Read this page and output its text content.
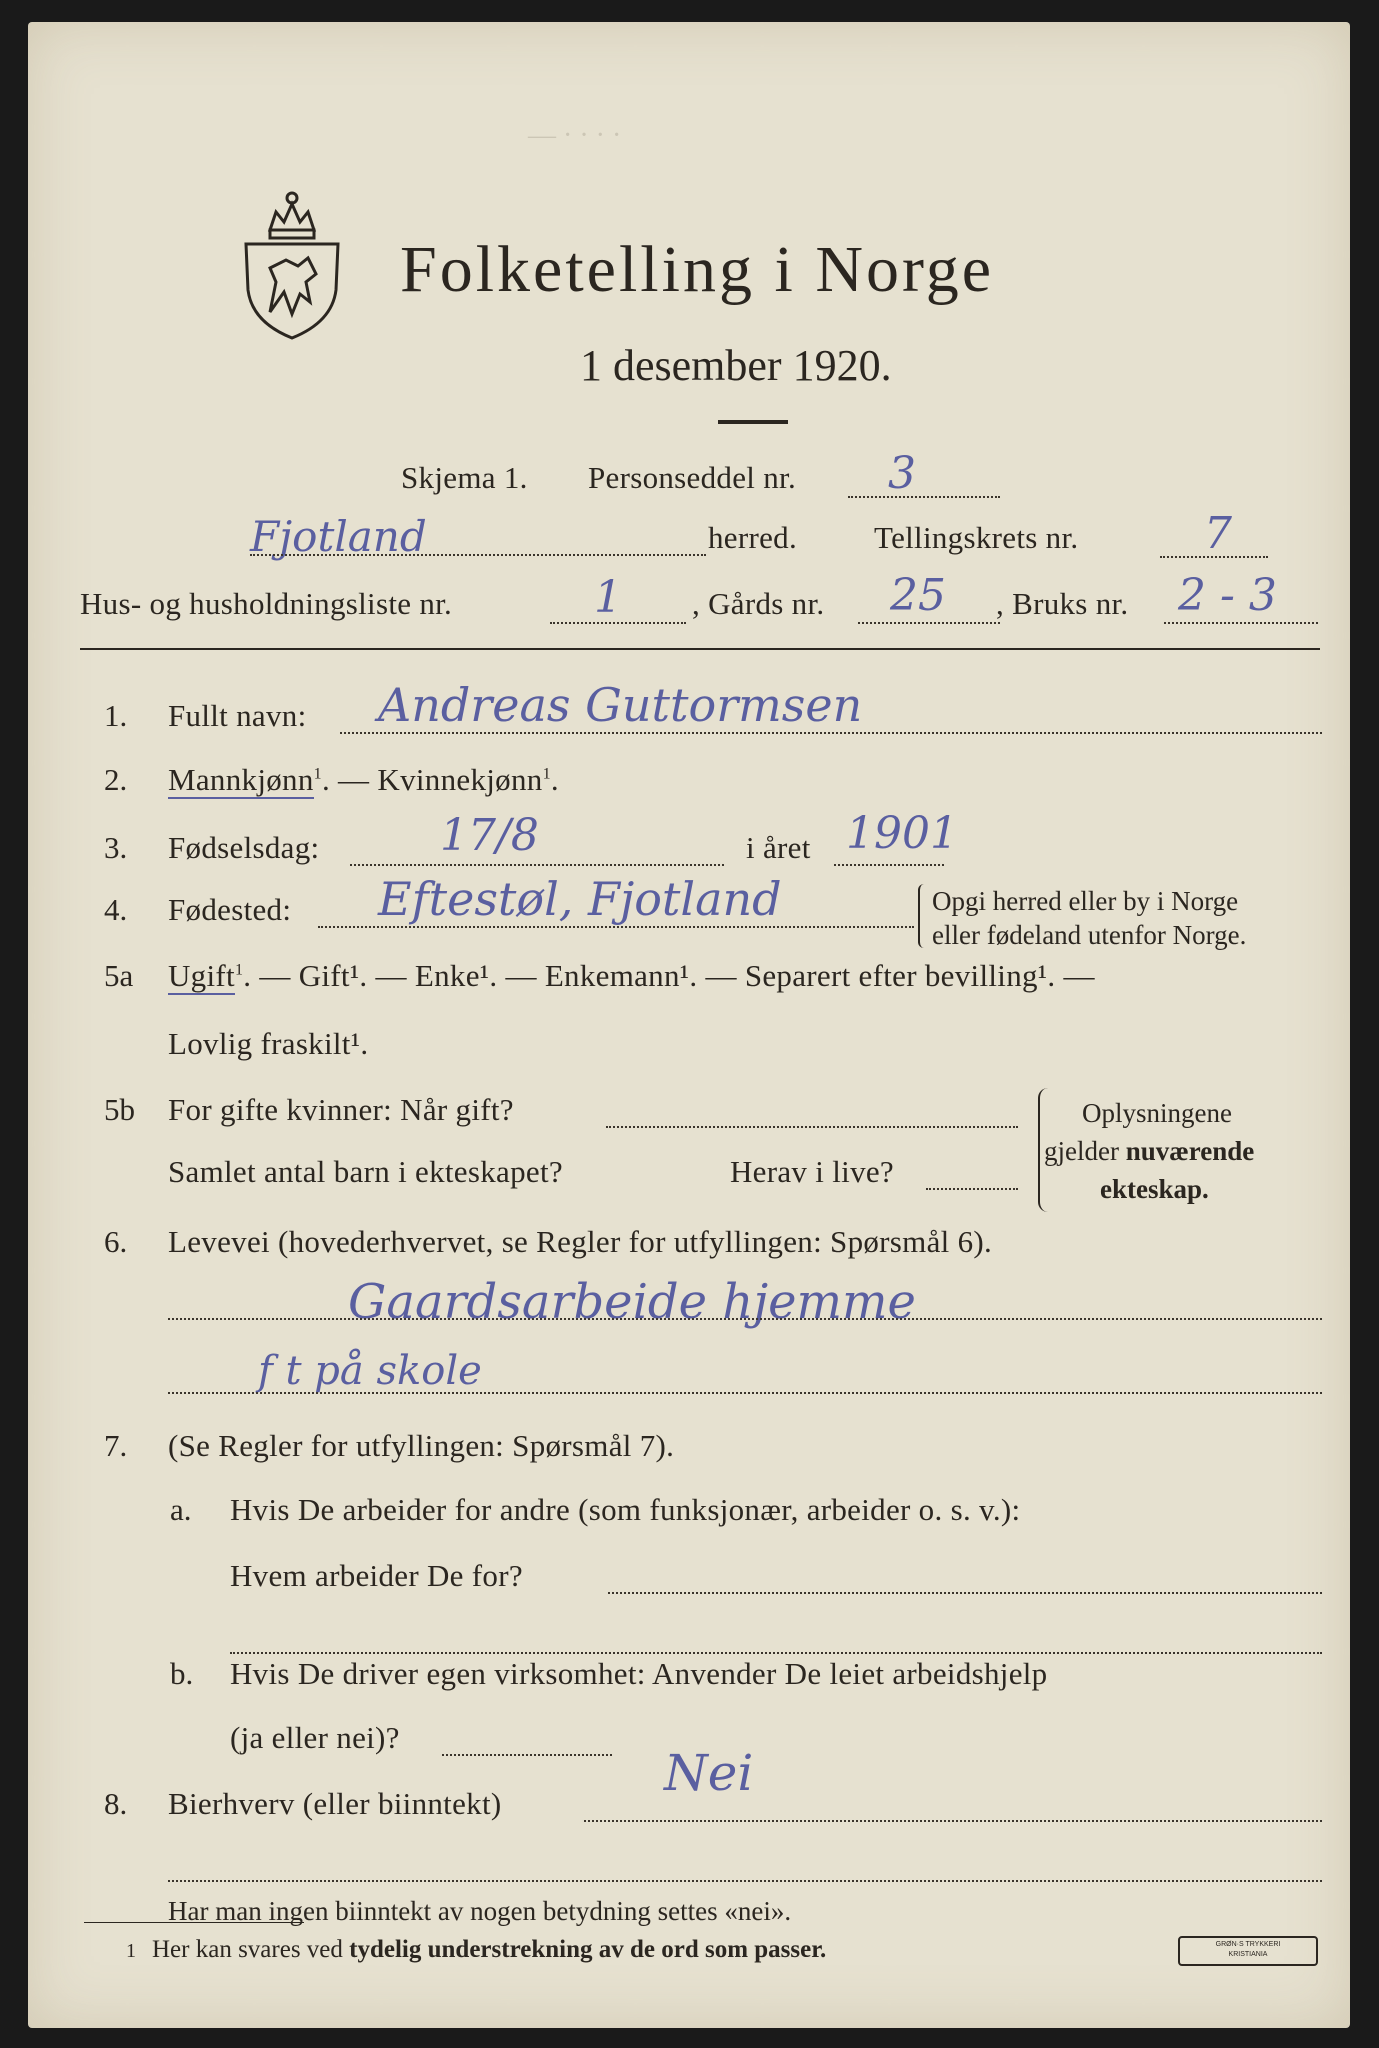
Folketelling i Norge
1 desember 1920.
— · · · ·
Skjema 1. Personseddel nr. 3
Fjotland	herred. Tellingskrets nr.	7
Hus- og husholdningsliste nr.	1 , Gårds nr. 25 , Bruks nr. 2 - 3
1. Fullt navn: Andreas Guttormsen
2. Mannkjønn$^1$. — Kvinnekjønn$^1$.
3. Fødselsdag:	17/8	i året 1901
4. Fødested: Eftestøl, Fjotland	Opgi herred eller by i Norge
eller fødeland utenfor Norge.
5a Ugift$^1$. — Gift¹. — Enke¹. — Enkemann¹. — Separert efter bevilling¹. —
Lovlig fraskilt¹.
5b For gifte kvinner: Når gift?
Samlet antal barn i ekteskapet?	Herav i live?
Oplysningene
gjelder nuværende
ekteskap.
6. Levevei (hovederhvervet, se Regler for utfyllingen: Spørsmål 6).
Gaardsarbeide hjemme
f t på skole
7. (Se Regler for utfyllingen: Spørsmål 7).
a. Hvis De arbeider for andre (som funksjonær, arbeider o. s. v.):
Hvem arbeider De for?
b. Hvis De driver egen virksomhet: Anvender De leiet arbeidshjelp
(ja eller nei)?
8. Bierhverv (eller biinntekt)
Nei
Har man ingen biinntekt av nogen betydning settes «nei».
1 Her kan svares ved tydelig understrekning av de ord som passer.	GRØN·S TRYKKERI
KRISTIANIA
